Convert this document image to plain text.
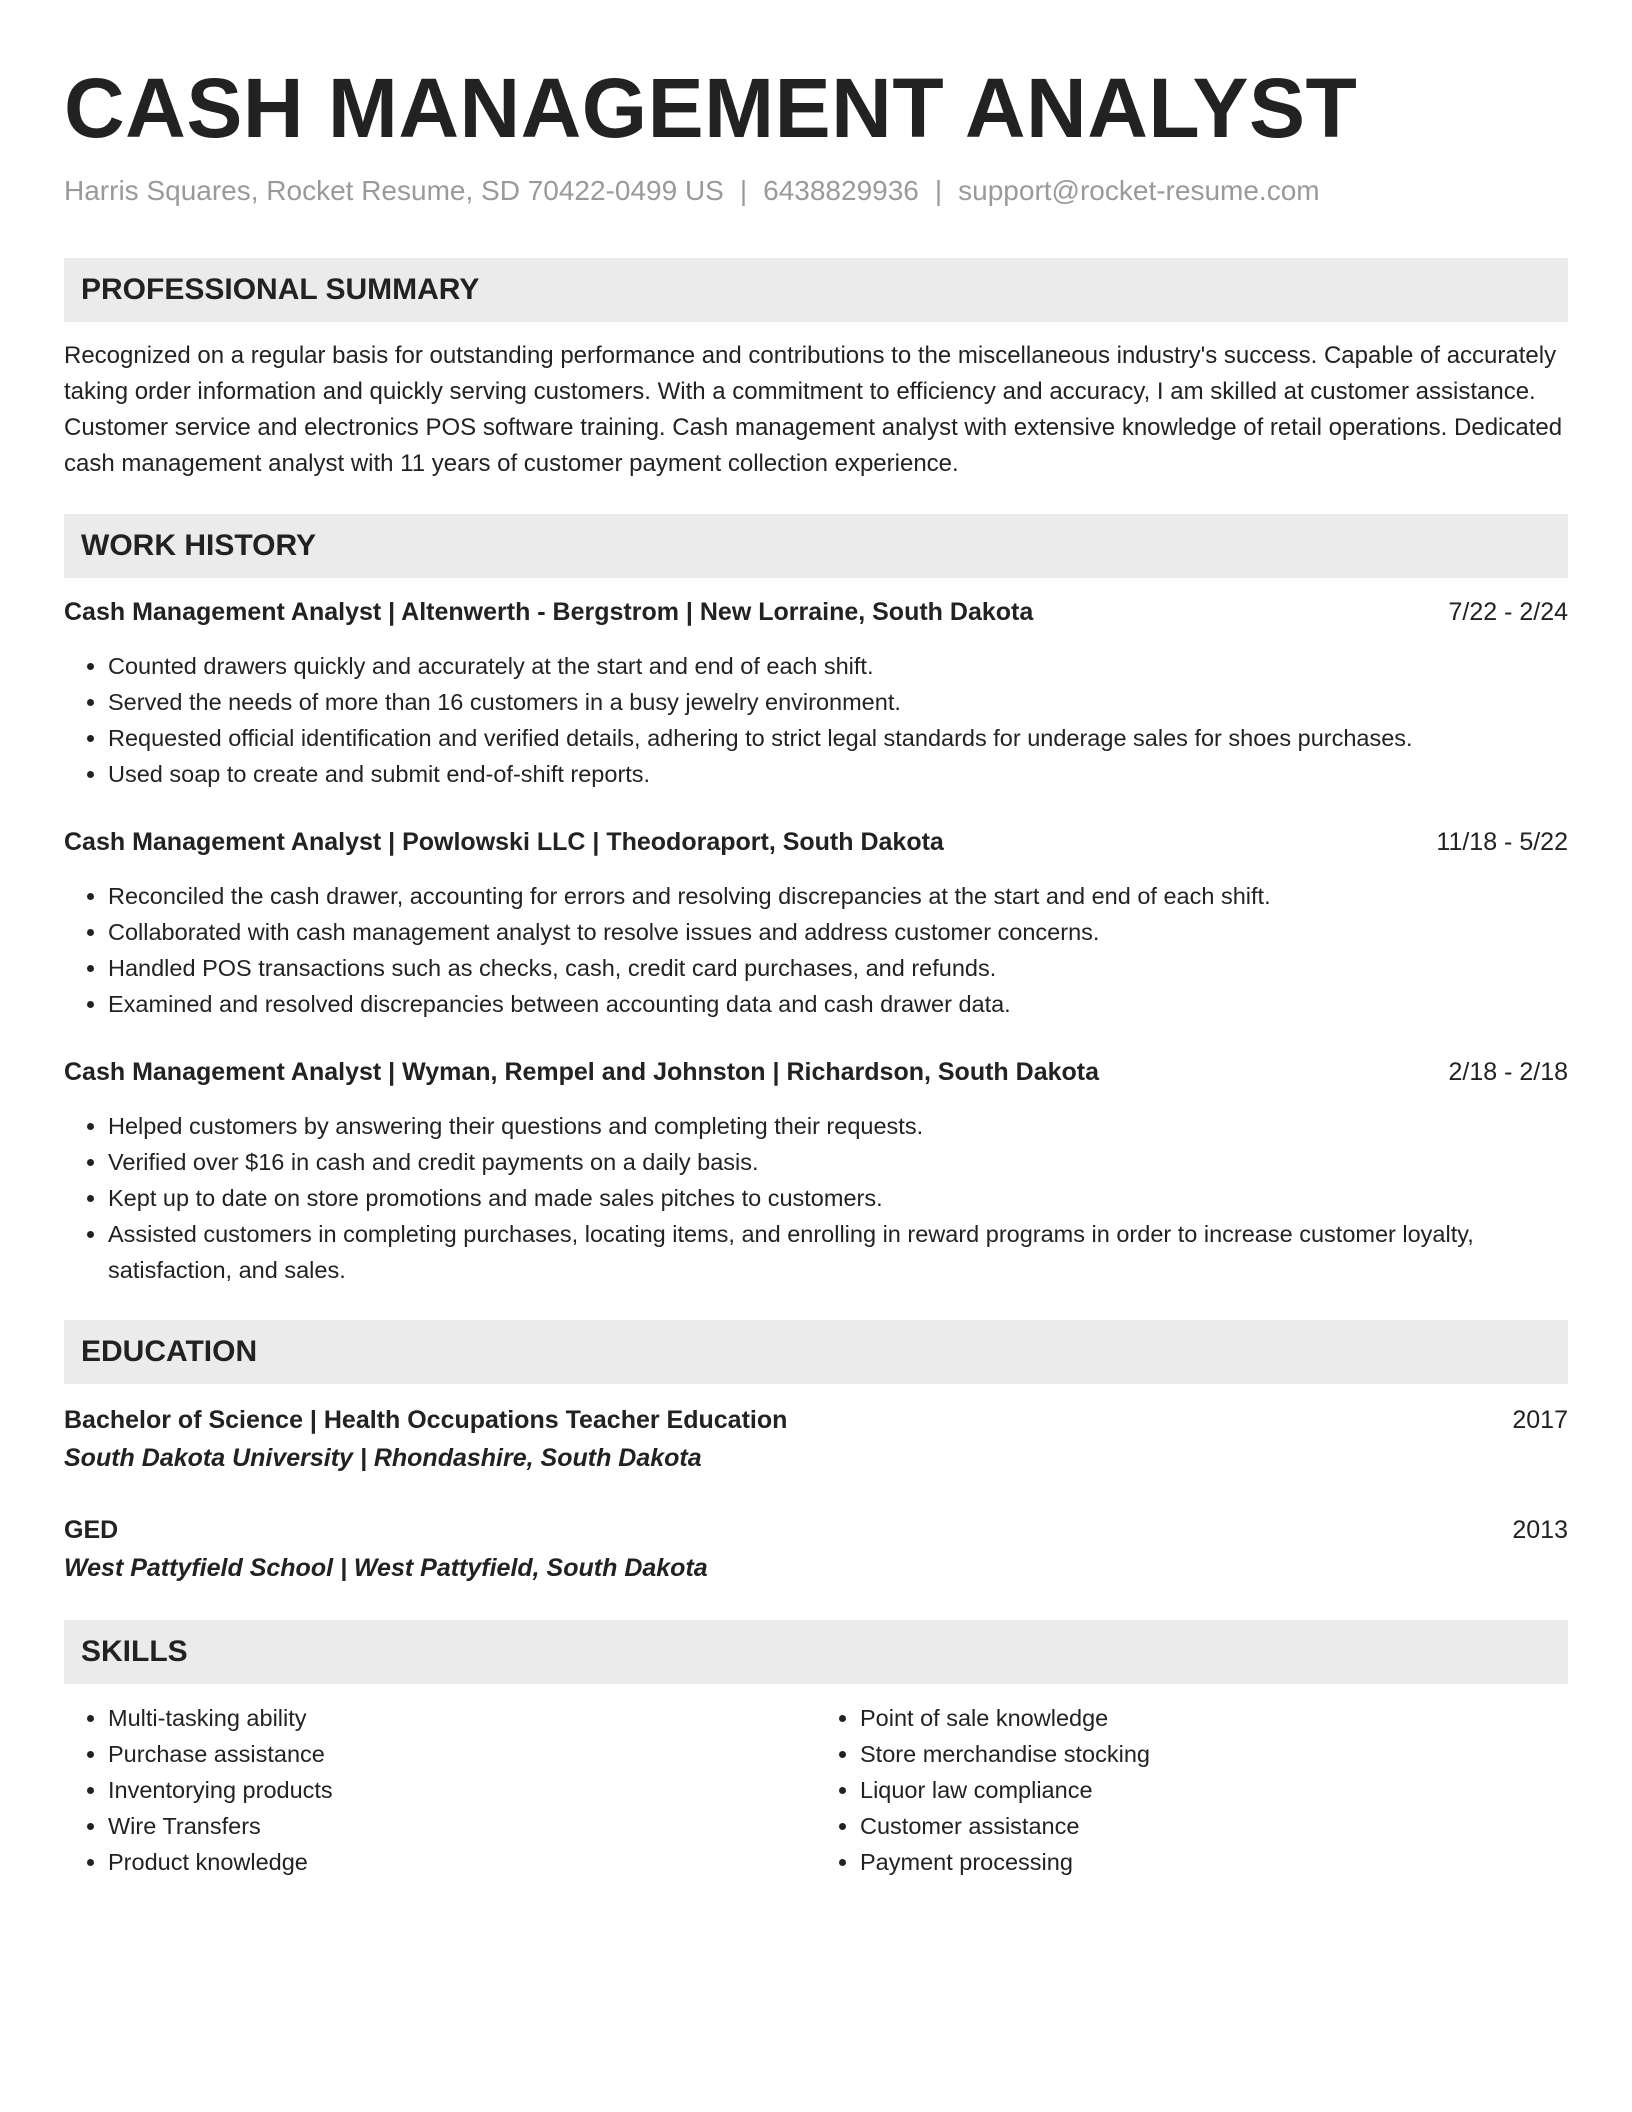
CASH MANAGEMENT ANALYST
Harris Squares, Rocket Resume, SD 70422-0499 US | 6438829936 | support@rocket-resume.com
PROFESSIONAL SUMMARY
Recognized on a regular basis for outstanding performance and contributions to the miscellaneous industry's success. Capable of accurately taking order information and quickly serving customers. With a commitment to efficiency and accuracy, I am skilled at customer assistance. Customer service and electronics POS software training. Cash management analyst with extensive knowledge of retail operations. Dedicated cash management analyst with 11 years of customer payment collection experience.
WORK HISTORY
Cash Management Analyst | Altenwerth - Bergstrom | New Lorraine, South Dakota	7/22 - 2/24
• Counted drawers quickly and accurately at the start and end of each shift.
• Served the needs of more than 16 customers in a busy jewelry environment.
• Requested official identification and verified details, adhering to strict legal standards for underage sales for shoes purchases.
• Used soap to create and submit end-of-shift reports.
Cash Management Analyst | Powlowski LLC | Theodoraport, South Dakota	11/18 - 5/22
• Reconciled the cash drawer, accounting for errors and resolving discrepancies at the start and end of each shift.
• Collaborated with cash management analyst to resolve issues and address customer concerns.
• Handled POS transactions such as checks, cash, credit card purchases, and refunds.
• Examined and resolved discrepancies between accounting data and cash drawer data.
Cash Management Analyst | Wyman, Rempel and Johnston | Richardson, South Dakota	2/18 - 2/18
• Helped customers by answering their questions and completing their requests.
• Verified over $16 in cash and credit payments on a daily basis.
• Kept up to date on store promotions and made sales pitches to customers.
• Assisted customers in completing purchases, locating items, and enrolling in reward programs in order to increase customer loyalty, satisfaction, and sales.
EDUCATION
Bachelor of Science | Health Occupations Teacher Education	2017
South Dakota University | Rhondashire, South Dakota
GED	2013
West Pattyfield School | West Pattyfield, South Dakota
SKILLS
• Multi-tasking ability
• Purchase assistance
• Inventorying products
• Wire Transfers
• Product knowledge
• Point of sale knowledge
• Store merchandise stocking
• Liquor law compliance
• Customer assistance
• Payment processing
